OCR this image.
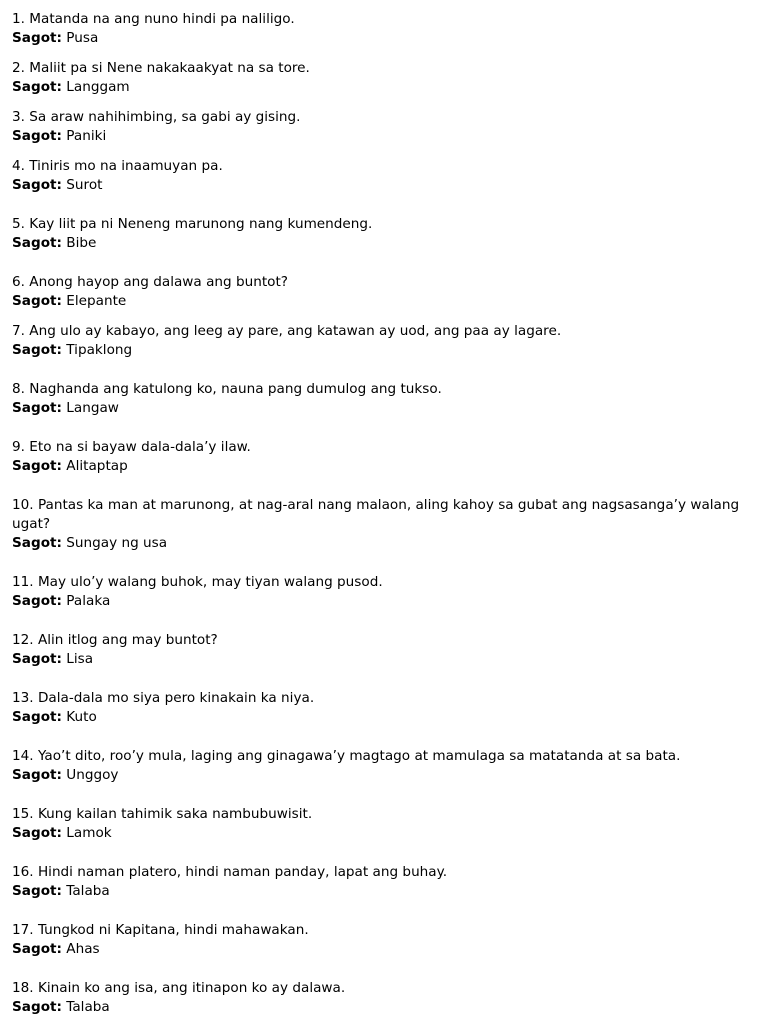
1. Matanda na ang nuno hindi pa naliligo.
Sagot: Pusa
2. Maliit pa si Nene nakakaakyat na sa tore.
Sagot: Langgam
3. Sa araw nahihimbing, sa gabi ay gising.
Sagot: Paniki
4. Tiniris mo na inaamuyan pa.
Sagot: Surot
5. Kay liit pa ni Neneng marunong nang kumendeng.
Sagot: Bibe
6. Anong hayop ang dalawa ang buntot?
Sagot: Elepante
7. Ang ulo ay kabayo, ang leeg ay pare, ang katawan ay uod, ang paa ay lagare.
Sagot: Tipaklong
8. Naghanda ang katulong ko, nauna pang dumulog ang tukso.
Sagot: Langaw
9. Eto na si bayaw dala-dala’y ilaw.
Sagot: Alitaptap
10. Pantas ka man at marunong, at nag-aral nang malaon, aling kahoy sa gubat ang nagsasanga’y walang ugat?
Sagot: Sungay ng usa
11. May ulo’y walang buhok, may tiyan walang pusod.
Sagot: Palaka
12. Alin itlog ang may buntot?
Sagot: Lisa
13. Dala-dala mo siya pero kinakain ka niya.
Sagot: Kuto
14. Yao’t dito, roo’y mula, laging ang ginagawa’y magtago at mamulaga sa matatanda at sa bata.
Sagot: Unggoy
15. Kung kailan tahimik saka nambubuwisit.
Sagot: Lamok
16. Hindi naman platero, hindi naman panday, lapat ang buhay.
Sagot: Talaba
17. Tungkod ni Kapitana, hindi mahawakan.
Sagot: Ahas
18. Kinain ko ang isa, ang itinapon ko ay dalawa.
Sagot: Talaba
